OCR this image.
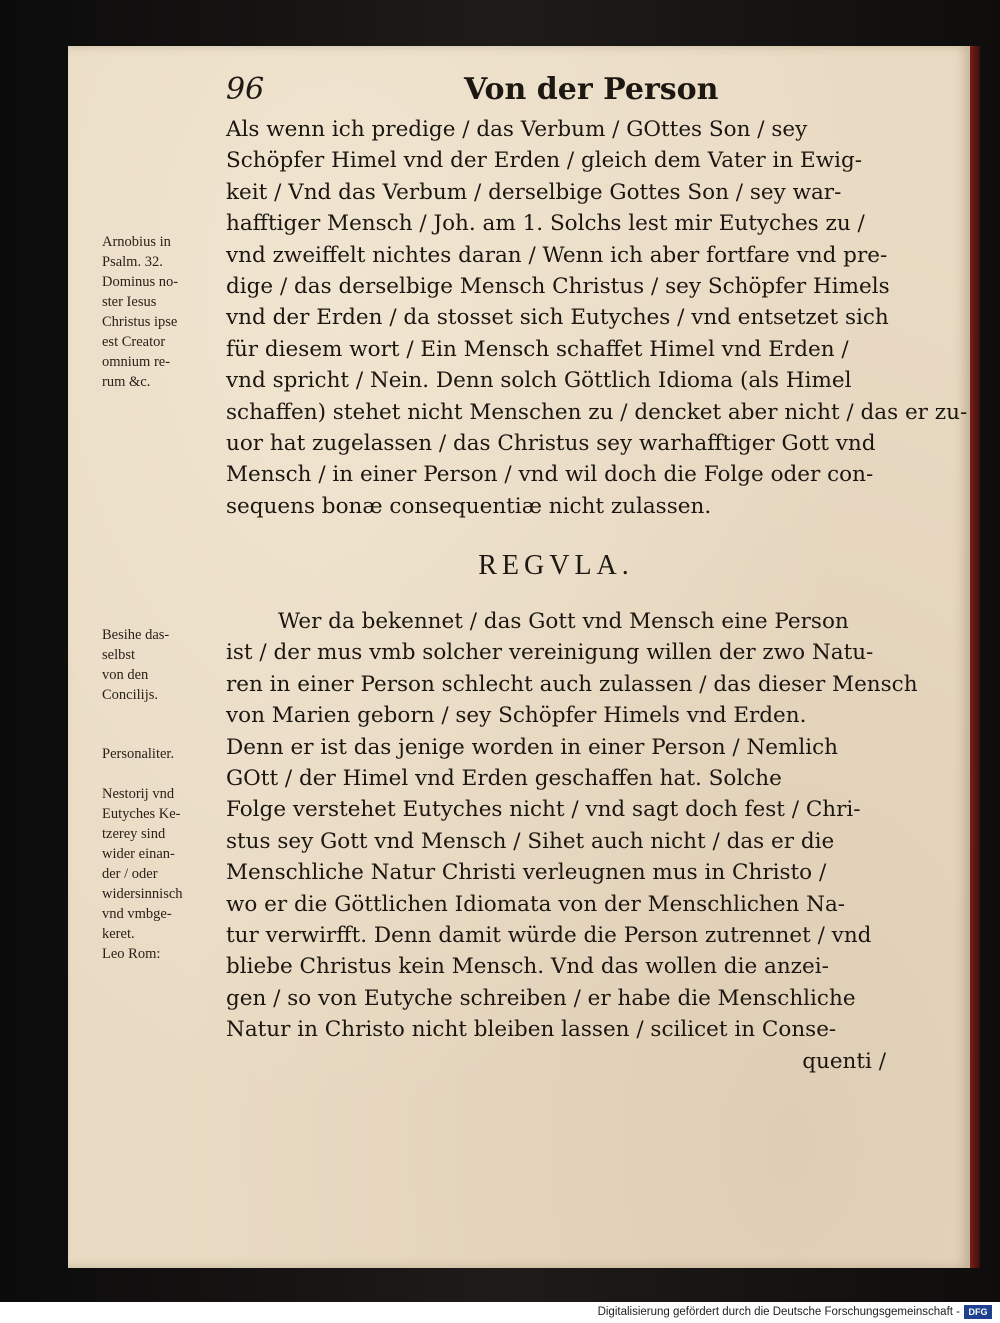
96	Von der Person

Als wenn ich predige / das Verbum / GOttes Son / sey

Schöpfer Himel vnd der Erden / gleich dem Vater in Ewig-

keit / Vnd das Verbum / derselbige Gottes Son / sey war-

hafftiger Mensch / Joh. am 1. Solchs lest mir Eutyches zu /

vnd zweiffelt nichtes daran / Wenn ich aber fortfare vnd pre-

dige / das derselbige Mensch Christus / sey Schöpfer Himels

vnd der Erden / da stosset sich Eutyches / vnd entsetzet sich

für diesem wort / Ein Mensch schaffet Himel vnd Erden /

vnd spricht / Nein. Denn solch Göttlich Idioma (als Himel

schaffen) stehet nicht Menschen zu / dencket aber nicht / das er zu-

uor hat zugelassen / das Christus sey warhafftiger Gott vnd

Mensch / in einer Person / vnd wil doch die Folge oder con-

sequens bonæ consequentiæ nicht zulassen.

REGVLA.

Wer da bekennet / das Gott vnd Mensch eine Person

ist / der mus vmb solcher vereinigung willen der zwo Natu-

ren in einer Person schlecht auch zulassen / das dieser Mensch

von Marien geborn / sey Schöpfer Himels vnd Erden.

Denn er ist das jenige worden in einer Person / Nemlich

GOtt / der Himel vnd Erden geschaffen hat. Solche

Folge verstehet Eutyches nicht / vnd sagt doch fest / Chri-

stus sey Gott vnd Mensch / Sihet auch nicht / das er die

Menschliche Natur Christi verleugnen mus in Christo /

wo er die Göttlichen Idiomata von der Menschlichen Na-

tur verwirfft. Denn damit würde die Person zutrennet / vnd

bliebe Christus kein Mensch. Vnd das wollen die anzei-

gen / so von Eutyche schreiben / er habe die Menschliche

Natur in Christo nicht bleiben lassen / scilicet in Conse-

quenti /

Arnobius in

Psalm. 32.

Dominus no-

ster Iesus

Christus ipse

est Creator

omnium re-

rum &c.

Besihe das-

selbst

von den

Concilijs.

Personaliter.

Nestorij vnd

Eutyches Ke-

tzerey sind

wider einan-

der / oder

widersinnisch

vnd vmbge-

keret.

Leo Rom:

Digitalisierung gefördert durch die Deutsche Forschungsgemeinschaft - DFG
